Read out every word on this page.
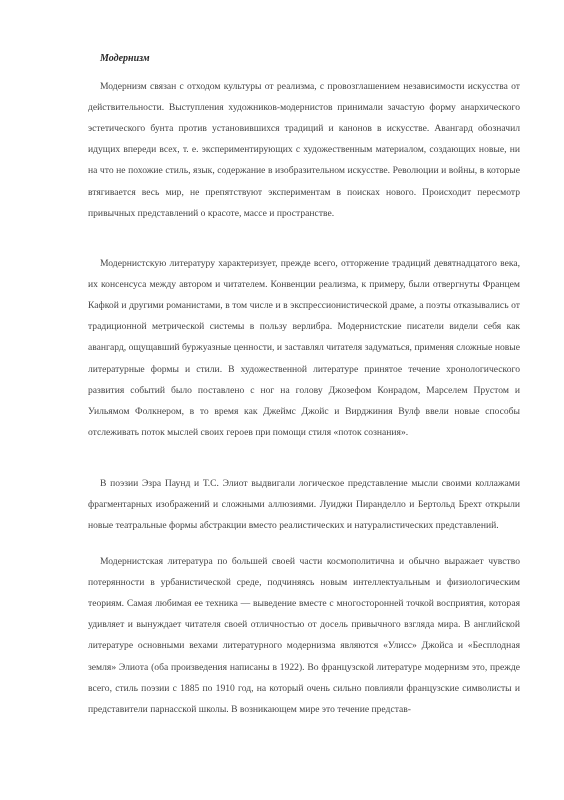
Модернизм

Модернизм связан с отходом культуры от реализма, с провозглашением независимости искусства от действительности. Выступления художников-модернистов принимали зачастую форму анархического эстетического бунта против установившихся традиций и канонов в искусстве. Авангард обозначил идущих впереди всех, т. е. экспериментирующих с художественным материалом, создающих новые, ни на что не похожие стиль, язык, содержание в изобразительном искусстве. Революции и войны, в которые втягивается весь мир, не препятствуют экспериментам в поисках нового. Происходит пересмотр привычных представлений о красоте, массе и пространстве.

Модернистскую литературу характеризует, прежде всего, отторжение традиций девятнадцатого века, их консенсуса между автором и читателем. Конвенции реализма, к примеру, были отвергнуты Францем Кафкой и другими романистами, в том числе и в экспрессионистической драме, а поэты отказывались от традиционной метрической системы в пользу верлибра. Модернистские писатели видели себя как авангард, ощущавший буржуазные ценности, и заставлял читателя задуматься, применяя сложные новые литературные формы и стили. В художественной литературе принятое течение хронологического развития событий было поставлено с ног на голову Джозефом Конрадом, Марселем Прустом и Уильямом Фолкнером, в то время как Джеймс Джойс и Вирджиния Вулф ввели новые способы отслеживать поток мыслей своих героев при помощи стиля «поток сознания».

В поэзии Эзра Паунд и Т.С. Элиот выдвигали логическое представление мысли своими коллажами фрагментарных изображений и сложными аллюзиями. Луиджи Пиранделло и Бертольд Брехт открыли новые театральные формы абстракции вместо реалистических и натуралистических представлений.

Модернистская литература по большей своей части космополитична и обычно выражает чувство потерянности в урбанистической среде, подчиняясь новым интеллектуальным и физиологическим теориям. Самая любимая ее техника — выведение вместе с многосторонней точкой восприятия, которая удивляет и вынуждает читателя своей отличностью от досель привычного взгляда мира. В английской литературе основными вехами литературного модернизма являются «Улисс» Джойса и «Бесплодная земля» Элиота (оба произведения написаны в 1922). Во французской литературе модернизм это, прежде всего, стиль поэзии с 1885 по 1910 год, на который очень сильно повлияли французские символисты и представители парнасской школы. В возникающем мире это течение представ-
